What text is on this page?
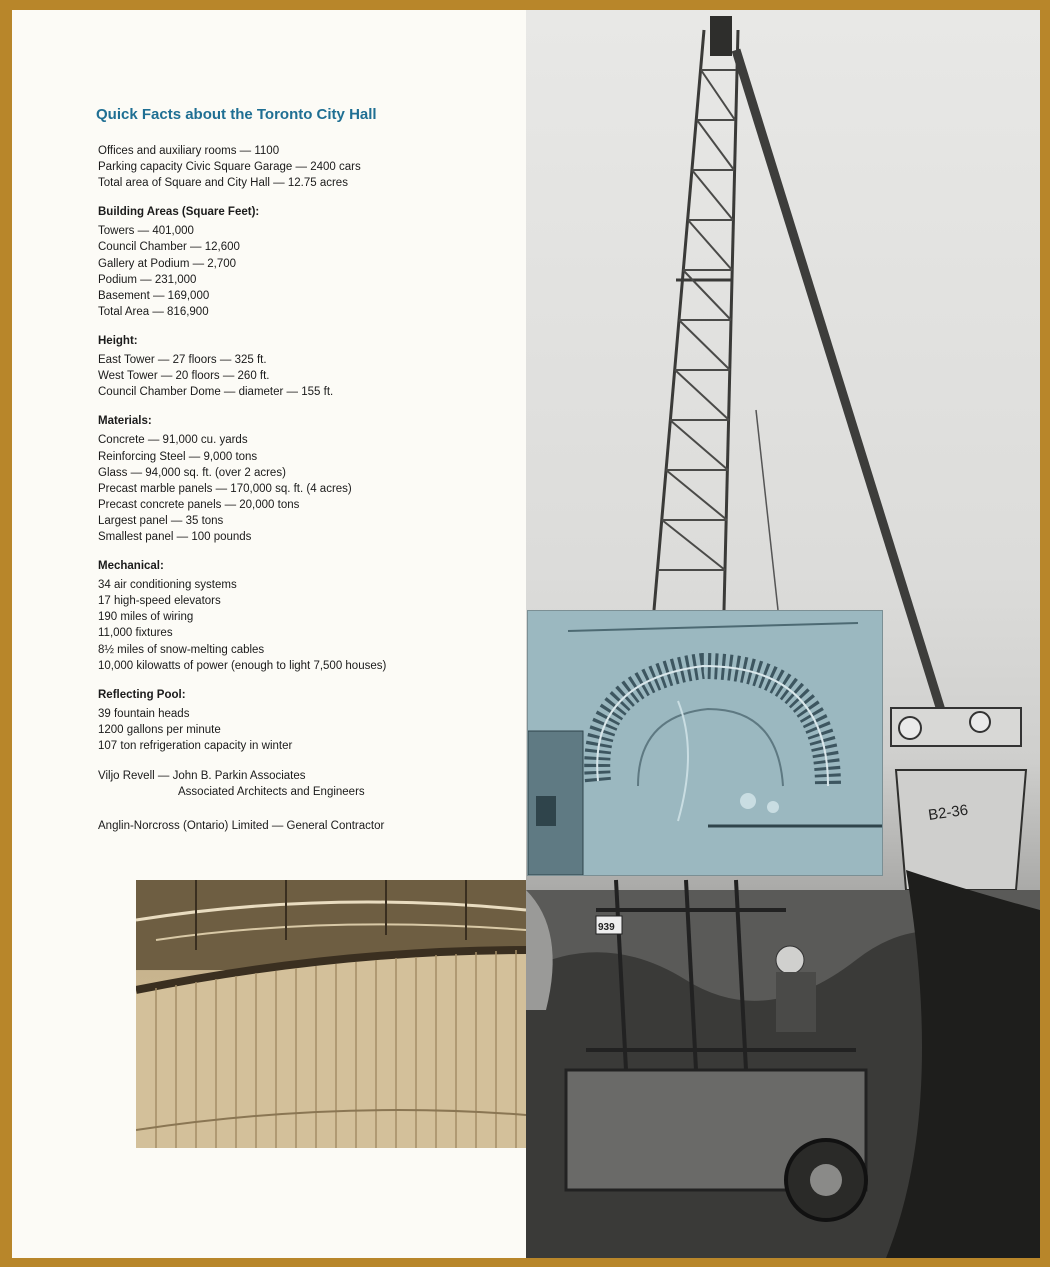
Quick Facts about the Toronto City Hall
Offices and auxiliary rooms — 1100
Parking capacity Civic Square Garage — 2400 cars
Total area of Square and City Hall — 12.75 acres
Building Areas (Square Feet):
Towers — 401,000
Council Chamber — 12,600
Gallery at Podium — 2,700
Podium — 231,000
Basement — 169,000
Total Area — 816,900
Height:
East Tower — 27 floors — 325 ft.
West Tower — 20 floors — 260 ft.
Council Chamber Dome — diameter — 155 ft.
Materials:
Concrete — 91,000 cu. yards
Reinforcing Steel — 9,000 tons
Glass — 94,000 sq. ft. (over 2 acres)
Precast marble panels — 170,000 sq. ft. (4 acres)
Precast concrete panels — 20,000 tons
Largest panel — 35 tons
Smallest panel — 100 pounds
Mechanical:
34 air conditioning systems
17 high-speed elevators
190 miles of wiring
11,000 fixtures
8½ miles of snow-melting cables
10,000 kilowatts of power (enough to light 7,500 houses)
Reflecting Pool:
39 fountain heads
1200 gallons per minute
107 ton refrigeration capacity in winter
Viljo Revell — John B. Parkin Associates
Associated Architects and Engineers
Anglin-Norcross (Ontario) Limited — General Contractor
B2-36
939
